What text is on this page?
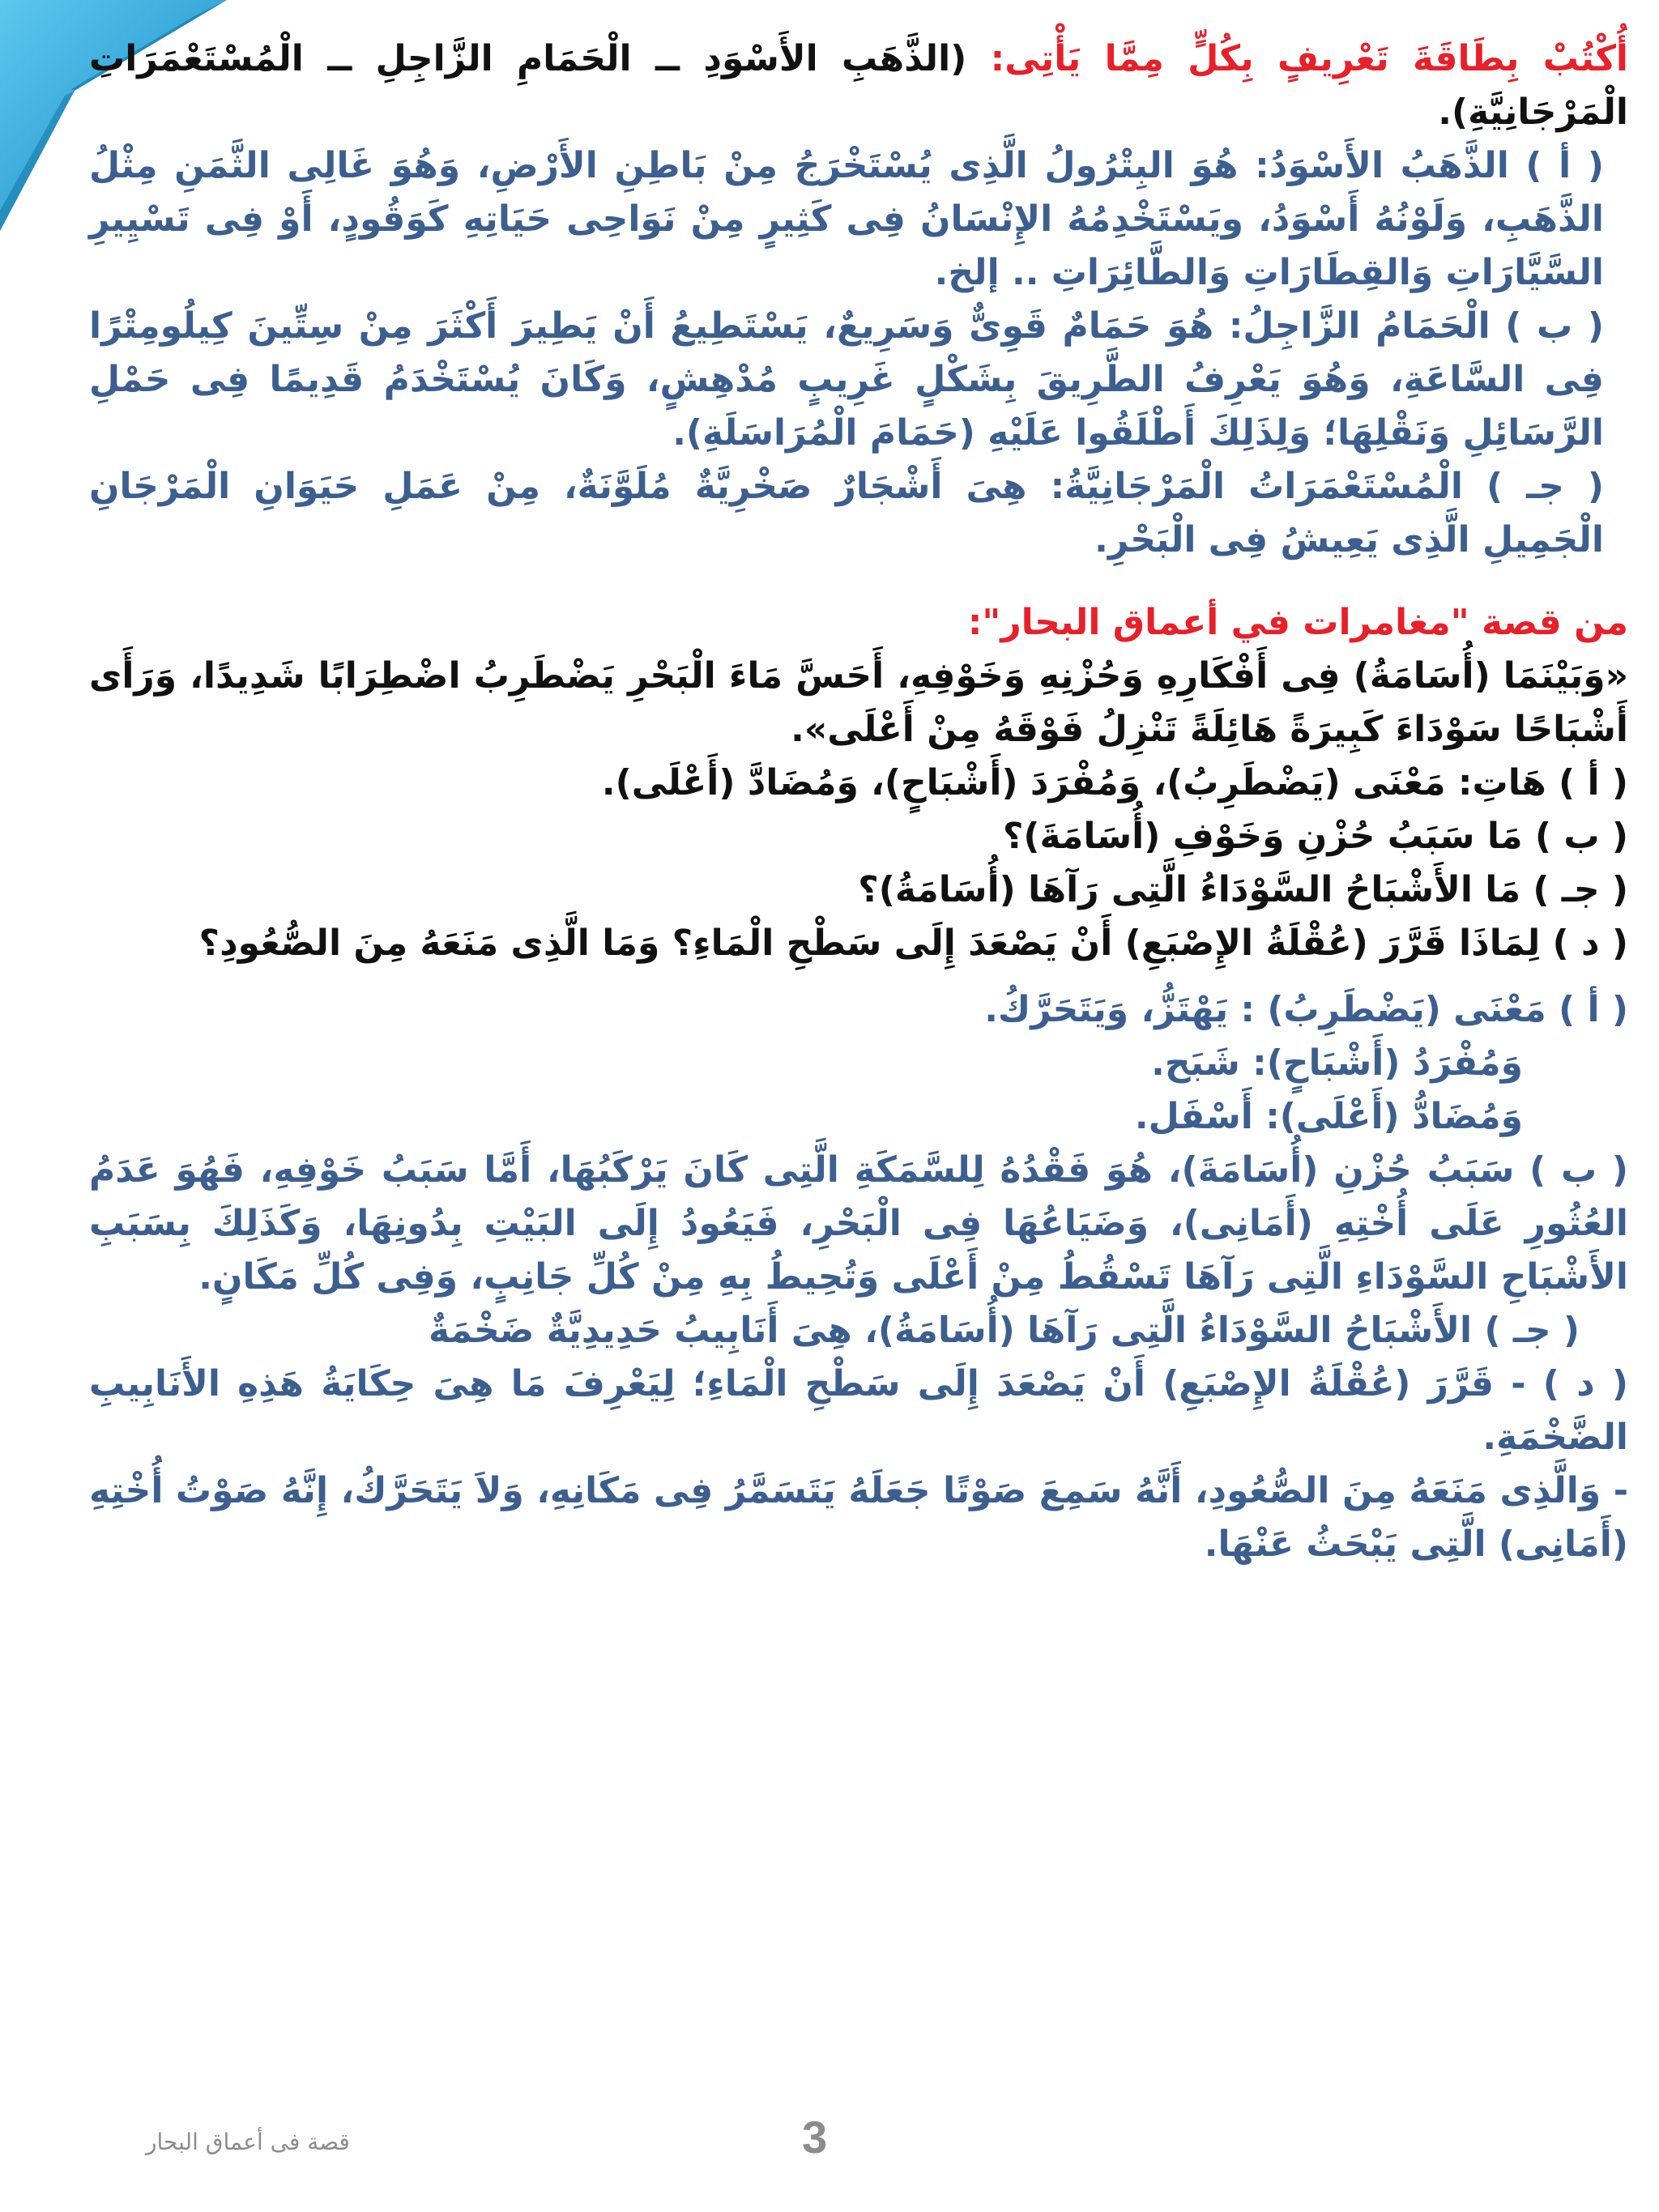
أُكْتُبْ بِطَاقَةَ تَعْرِيفٍ بِكُلٍّ مِمَّا يَأْتِى: (الذَّهَبِ الأَسْوَدِ ــ الْحَمَامِ الزَّاجِلِ ــ الْمُسْتَعْمَرَاتِ الْمَرْجَانِيَّةِ).

( أ ) الذَّهَبُ الأَسْوَدُ: هُوَ البِتْرُولُ الَّذِى يُسْتَخْرَجُ مِنْ بَاطِنِ الأَرْضِ، وَهُوَ غَالِى الثَّمَنِ مِثْلُ الذَّهَبِ، وَلَوْنُهُ أَسْوَدُ، ويَسْتَخْدِمُهُ الإِنْسَانُ فِى كَثِيرٍ مِنْ نَوَاحِى حَيَاتِهِ كَوَقُودٍ، أَوْ فِى تَسْيِيرِ السَّيَّارَاتِ وَالقِطَارَاتِ وَالطَّائِرَاتِ .. إلخ.

( ب ) الْحَمَامُ الزَّاجِلُ: هُوَ حَمَامٌ قَوِىٌّ وَسَرِيعٌ، يَسْتَطِيعُ أَنْ يَطِيرَ أَكْثَرَ مِنْ سِتِّينَ كِيلُومِتْرًا فِى السَّاعَةِ، وَهُوَ يَعْرِفُ الطَّرِيقَ بِشَكْلٍ غَرِيبٍ مُدْهِشٍ، وَكَانَ يُسْتَخْدَمُ قَدِيمًا فِى حَمْلِ الرَّسَائِلِ وَنَقْلِهَا؛ وَلِذَلِكَ أَطْلَقُوا عَلَيْهِ (حَمَامَ الْمُرَاسَلَةِ).

( جـ ) الْمُسْتَعْمَرَاتُ الْمَرْجَانِيَّةُ: هِىَ أَشْجَارٌ صَخْرِيَّةٌ مُلَوَّنَةٌ، مِنْ عَمَلِ حَيَوَانِ الْمَرْجَانِ الْجَمِيلِ الَّذِى يَعِيشُ فِى الْبَحْرِ.

من قصة "مغامرات في أعماق البحار":

«وَبَيْنَمَا (أُسَامَةُ) فِى أَفْكَارِهِ وَحُزْنِهِ وَخَوْفِهِ، أَحَسَّ مَاءَ الْبَحْرِ يَضْطَرِبُ اضْطِرَابًا شَدِيدًا، وَرَأَى أَشْبَاحًا سَوْدَاءَ كَبِيرَةً هَائِلَةً تَنْزِلُ فَوْقَهُ مِنْ أَعْلَى».

( أ ) هَاتِ: مَعْنَى (يَضْطَرِبُ)، وَمُفْرَدَ (أَشْبَاحٍ)، وَمُضَادَّ (أَعْلَى).

( ب ) مَا سَبَبُ حُزْنِ وَخَوْفِ (أُسَامَةَ)؟

( جـ ) مَا الأَشْبَاحُ السَّوْدَاءُ الَّتِى رَآهَا (أُسَامَةُ)؟

( د ) لِمَاذَا قَرَّرَ (عُقْلَةُ الإِصْبَعِ) أَنْ يَصْعَدَ إِلَى سَطْحِ الْمَاءِ؟ وَمَا الَّذِى مَنَعَهُ مِنَ الصُّعُودِ؟

( أ ) مَعْنَى (يَضْطَرِبُ) : يَهْتَزُّ، وَيَتَحَرَّكُ.

وَمُفْرَدُ (أَشْبَاحٍ): شَبَح.

وَمُضَادُّ (أَعْلَى): أَسْفَل.

( ب ) سَبَبُ حُزْنِ (أُسَامَةَ)، هُوَ فَقْدُهُ لِلسَّمَكَةِ الَّتِى كَانَ يَرْكَبُهَا، أَمَّا سَبَبُ خَوْفِهِ، فَهُوَ عَدَمُ العُثُورِ عَلَى أُخْتِهِ (أَمَانِى)، وَضَيَاعُهَا فِى الْبَحْرِ، فَيَعُودُ إِلَى البَيْتِ بِدُونِهَا، وَكَذَلِكَ بِسَبَبِ الأَشْبَاحِ السَّوْدَاءِ الَّتِى رَآهَا تَسْقُطُ مِنْ أَعْلَى وَتُحِيطُ بِهِ مِنْ كُلِّ جَانِبٍ، وَفِى كُلِّ مَكَانٍ.

( جـ ) الأَشْبَاحُ السَّوْدَاءُ الَّتِى رَآهَا (أُسَامَةُ)، هِىَ أَنَابِيبُ حَدِيدِيَّةٌ ضَخْمَةٌ

( د ) - قَرَّرَ (عُقْلَةُ الإِصْبَعِ) أَنْ يَصْعَدَ إِلَى سَطْحِ الْمَاءِ؛ لِيَعْرِفَ مَا هِىَ حِكَايَةُ هَذِهِ الأَنَابِيبِ الضَّخْمَةِ.

- وَالَّذِى مَنَعَهُ مِنَ الصُّعُودِ، أَنَّهُ سَمِعَ صَوْتًا جَعَلَهُ يَتَسَمَّرُ فِى مَكَانِهِ، وَلاَ يَتَحَرَّكُ، إِنَّهُ صَوْتُ أُخْتِهِ (أَمَانِى) الَّتِى يَبْحَثُ عَنْهَا.

قصة فى أعماق البحار	3
